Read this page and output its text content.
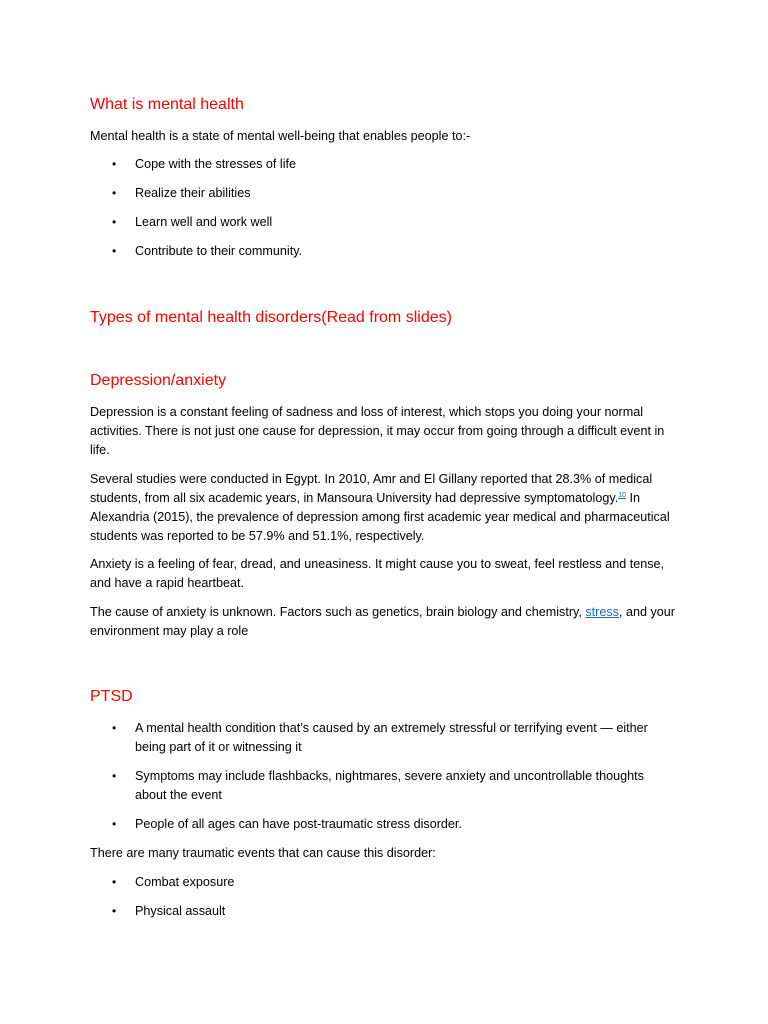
What is mental health

Mental health is a state of mental well-being that enables people to:-

• Cope with the stresses of life
• Realize their abilities
• Learn well and work well
• Contribute to their community.
Types of mental health disorders(Read from slides)
Depression/anxiety

Depression is a constant feeling of sadness and loss of interest, which stops you doing your normal activities. There is not just one cause for depression, it may occur from going through a difficult event in life.

Several studies were conducted in Egypt. In 2010, Amr and El Gillany reported that 28.3% of medical students, from all six academic years, in Mansoura University had depressive symptomatology.$^{10}$ In Alexandria (2015), the prevalence of depression among first academic year medical and pharmaceutical students was reported to be 57.9% and 51.1%, respectively.

Anxiety is a feeling of fear, dread, and uneasiness. It might cause you to sweat, feel restless and tense, and have a rapid heartbeat.

The cause of anxiety is unknown. Factors such as genetics, brain biology and chemistry, stress, and your environment may play a role

PTSD
• A mental health condition that’s caused by an extremely stressful or terrifying event — either being part of it or witnessing it
• Symptoms may include flashbacks, nightmares, severe anxiety and uncontrollable thoughts about the event
• People of all ages can have post-traumatic stress disorder.

There are many traumatic events that can cause this disorder:

• Combat exposure
• Physical assault
